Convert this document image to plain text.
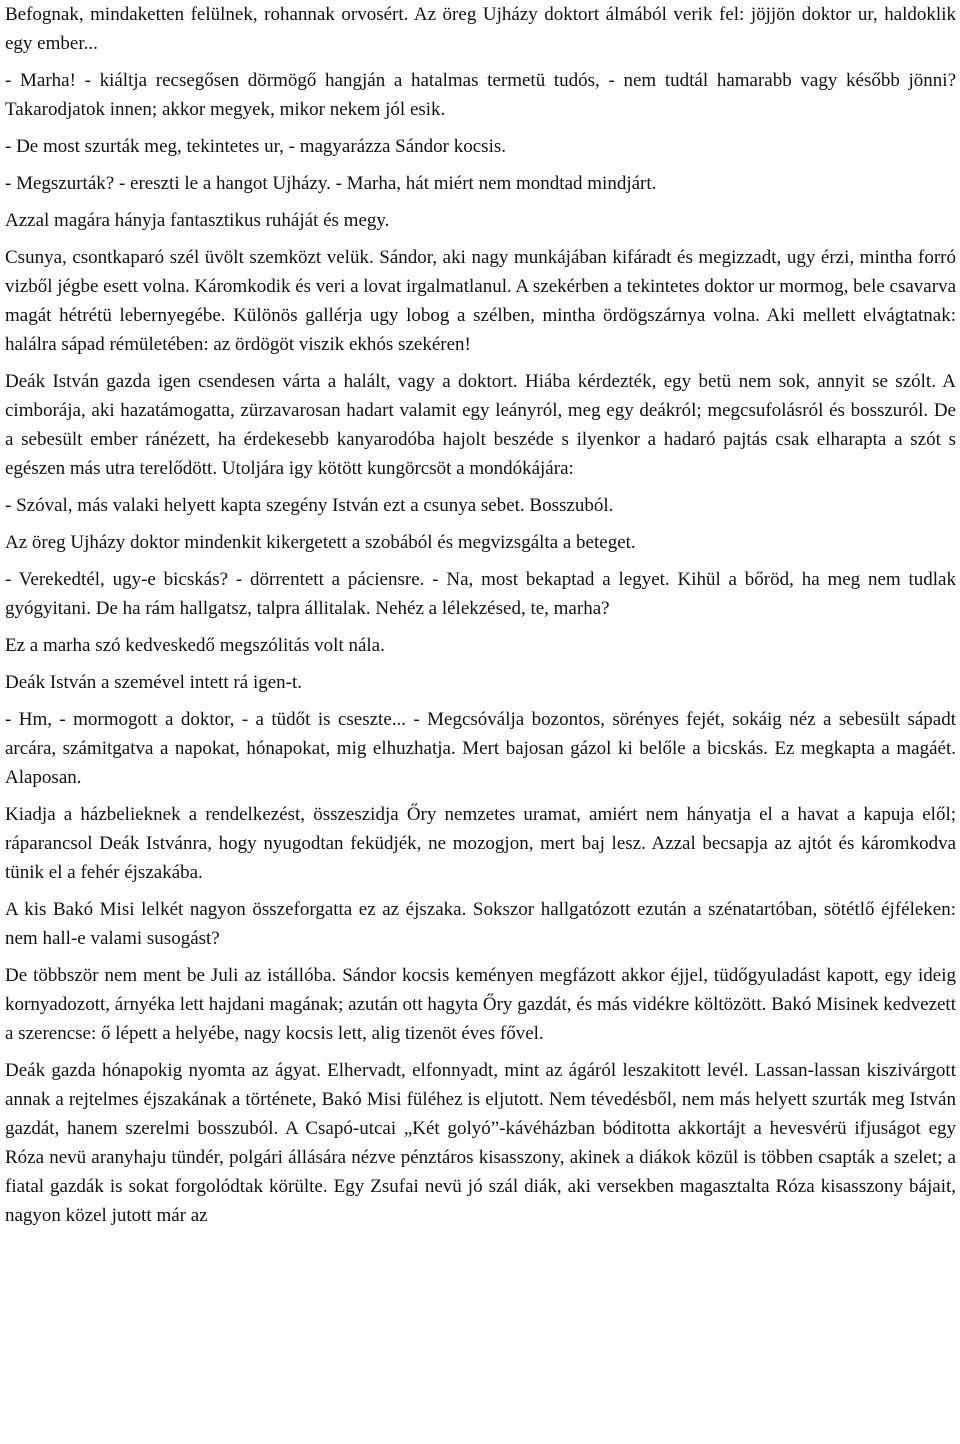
Befognak, mindaketten felülnek, rohannak orvosért. Az öreg Ujházy doktort álmából verik fel: jöjjön doktor ur, haldoklik egy ember...

- Marha! - kiáltja recsegősen dörmögő hangján a hatalmas termetü tudós, - nem tudtál hamarabb vagy később jönni? Takarodjatok innen; akkor megyek, mikor nekem jól esik.

- De most szurták meg, tekintetes ur, - magyarázza Sándor kocsis.

- Megszurták? - ereszti le a hangot Ujházy. - Marha, hát miért nem mondtad mindjárt.

Azzal magára hányja fantasztikus ruháját és megy.

Csunya, csontkaparó szél üvölt szemközt velük. Sándor, aki nagy munkájában kifáradt és megizzadt, ugy érzi, mintha forró vizből jégbe esett volna. Káromkodik és veri a lovat irgalmatlanul. A szekérben a tekintetes doktor ur mormog, bele csavarva magát hétrétü lebernyegébe. Különös gallérja ugy lobog a szélben, mintha ördögszárnya volna. Aki mellett elvágtatnak: halálra sápad rémületében: az ördögöt viszik ekhós szekéren!

Deák István gazda igen csendesen várta a halált, vagy a doktort. Hiába kérdezték, egy betü nem sok, annyit se szólt. A cimborája, aki hazatámogatta, zürzavarosan hadart valamit egy leányról, meg egy deákról; megcsufolásról és bosszuról. De a sebesült ember ránézett, ha érdekesebb kanyarodóba hajolt beszéde s ilyenkor a hadaró pajtás csak elharapta a szót s egészen más utra terelődött. Utoljára igy kötött kungörcsöt a mondókájára:

- Szóval, más valaki helyett kapta szegény István ezt a csunya sebet. Bosszuból.

Az öreg Ujházy doktor mindenkit kikergetett a szobából és megvizsgálta a beteget.

- Verekedtél, ugy-e bicskás? - dörrentett a páciensre. - Na, most bekaptad a legyet. Kihül a bőröd, ha meg nem tudlak gyógyitani. De ha rám hallgatsz, talpra állitalak. Nehéz a lélekzésed, te, marha?

Ez a marha szó kedveskedő megszólitás volt nála.

Deák István a szemével intett rá igen-t.

- Hm, - mormogott a doktor, - a tüdőt is cseszte... - Megcsóválja bozontos, sörényes fejét, sokáig néz a sebesült sápadt arcára, számitgatva a napokat, hónapokat, mig elhuzhatja. Mert bajosan gázol ki belőle a bicskás. Ez megkapta a magáét. Alaposan.

Kiadja a házbelieknek a rendelkezést, összeszidja Őry nemzetes uramat, amiért nem hányatja el a havat a kapuja elől; ráparancsol Deák Istvánra, hogy nyugodtan feküdjék, ne mozogjon, mert baj lesz. Azzal becsapja az ajtót és káromkodva tünik el a fehér éjszakába.

A kis Bakó Misi lelkét nagyon összeforgatta ez az éjszaka. Sokszor hallgatózott ezután a szénatartóban, sötétlő éjféleken: nem hall-e valami susogást?

De többször nem ment be Juli az istállóba. Sándor kocsis keményen megfázott akkor éjjel, tüdőgyuladást kapott, egy ideig kornyadozott, árnyéka lett hajdani magának; azután ott hagyta Őry gazdát, és más vidékre költözött. Bakó Misinek kedvezett a szerencse: ő lépett a helyébe, nagy kocsis lett, alig tizenöt éves fővel.

Deák gazda hónapokig nyomta az ágyat. Elhervadt, elfonnyadt, mint az ágáról leszakitott levél. Lassan-lassan kiszivárgott annak a rejtelmes éjszakának a története, Bakó Misi füléhez is eljutott. Nem tévedésből, nem más helyett szurták meg István gazdát, hanem szerelmi bosszuból. A Csapó-utcai „Két golyó”-kávéházban bóditotta akkortájt a hevesvérü ifjuságot egy Róza nevü aranyhaju tündér, polgári állására nézve pénztáros kisasszony, akinek a diákok közül is többen csapták a szelet; a fiatal gazdák is sokat forgolódtak körülte. Egy Zsufai nevü jó szál diák, aki versekben magasztalta Róza kisasszony bájait, nagyon közel jutott már az
